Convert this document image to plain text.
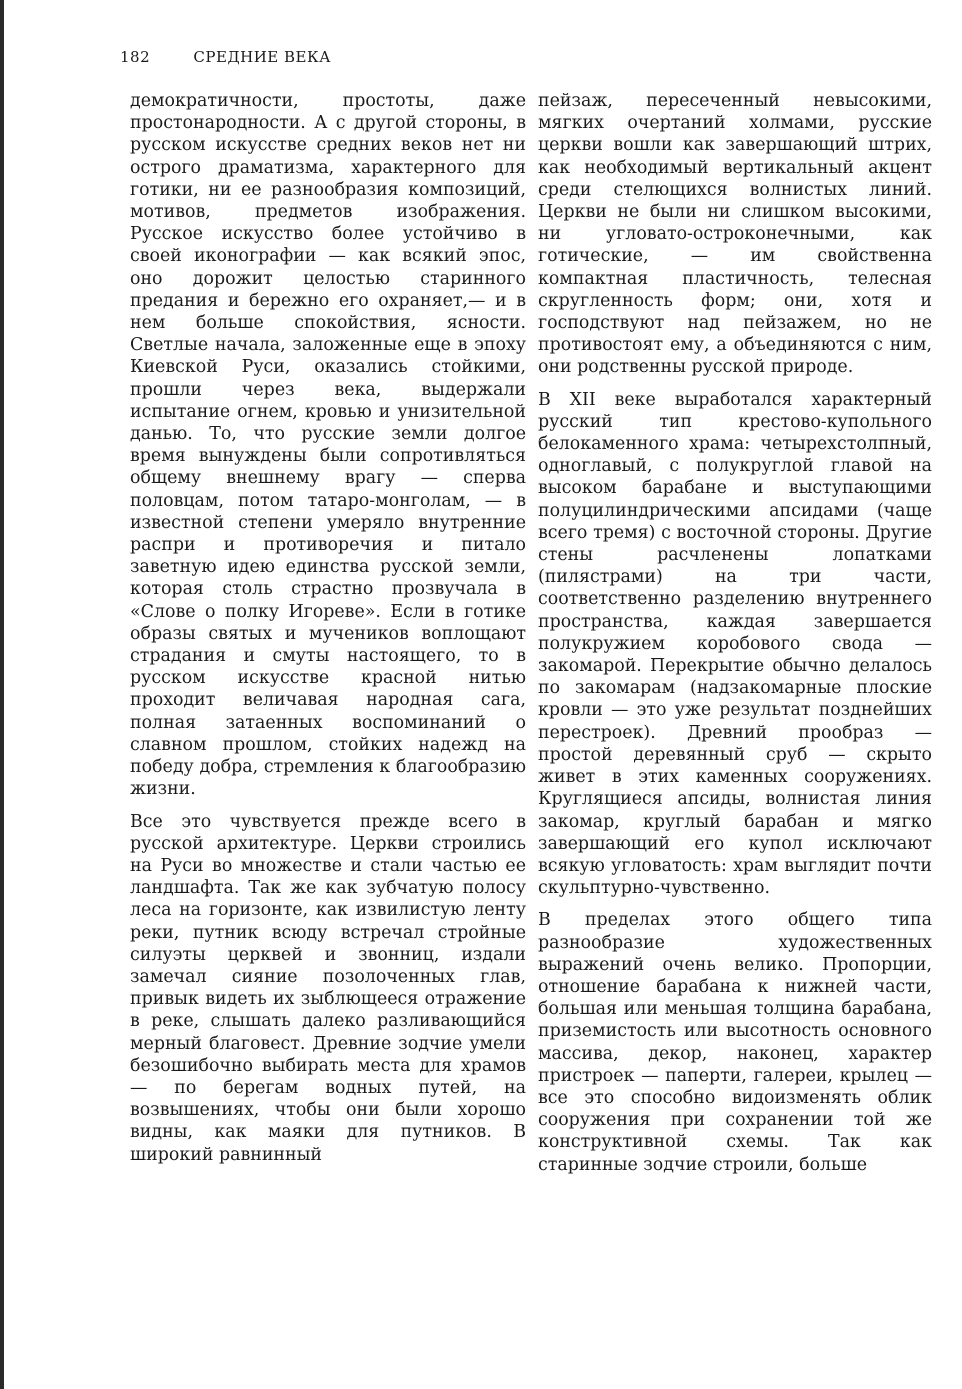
182	СРЕДНИЕ ВЕКА

демократичности, простоты, даже простонародности. А с другой стороны, в русском искусстве средних веков нет ни острого драматизма, характерного для готики, ни ее разнообразия композиций, мотивов, предметов изображения. Русское искусство более устойчиво в своей иконографии — как всякий эпос, оно дорожит целостью старинного предания и бережно его охраняет,— и в нем больше спокойствия, ясности. Светлые начала, заложенные еще в эпоху Киевской Руси, оказались стойкими, прошли через века, выдержали испытание огнем, кровью и унизительной данью. То, что русские земли долгое время вынуждены были сопротивляться общему внешнему врагу — сперва половцам, потом татаро-монголам, — в известной степени умеряло внутренние распри и противоречия и питало заветную идею единства русской земли, которая столь страстно прозвучала в «Слове о полку Игореве». Если в готике образы святых и мучеников воплощают страдания и смуты настоящего, то в русском искусстве красной нитью проходит величавая народная сага, полная затаенных воспоминаний о славном прошлом, стойких надежд на победу добра, стремления к благообразию жизни.

Все это чувствуется прежде всего в русской архитектуре. Церкви строились на Руси во множестве и стали частью ее ландшафта. Так же как зубчатую полосу леса на горизонте, как извилистую ленту реки, путник всюду встречал стройные силуэты церквей и звонниц, издали замечал сияние позолоченных глав, привык видеть их зыблющееся отражение в реке, слышать далеко разливающийся мерный благовест. Древние зодчие умели безошибочно выбирать места для храмов — по берегам водных путей, на возвышениях, чтобы они были хорошо видны, как маяки для путников. В широкий равнинный

пейзаж, пересеченный невысокими, мягких очертаний холмами, русские церкви вошли как завершающий штрих, как необходимый вертикальный акцент среди стелющихся волнистых линий. Церкви не были ни слишком высокими, ни угловато-остроконечными, как готические, — им свойственна компактная пластичность, телесная скругленность форм; они, хотя и господствуют над пейзажем, но не противостоят ему, а объединяются с ним, они родственны русской природе.

В XII веке выработался характерный русский тип крестово-купольного белокаменного храма: четырехстолпный, одноглавый, с полукруглой главой на высоком барабане и выступающими полуцилиндрическими апсидами (чаще всего тремя) с восточной стороны. Другие стены расчленены лопатками (пилястрами) на три части, соответственно разделению внутреннего пространства, каждая завершается полукружием коробового свода — закомарой. Перекрытие обычно делалось по закомарам (надзакомарные плоские кровли — это уже результат позднейших перестроек). Древний прообраз — простой деревянный сруб — скрыто живет в этих каменных сооружениях. Круглящиеся апсиды, волнистая линия закомар, круглый барабан и мягко завершающий его купол исключают всякую угловатость: храм выглядит почти скульптурно-чувственно.

В пределах этого общего типа разнообразие художественных выражений очень велико. Пропорции, отношение барабана к нижней части, большая или меньшая толщина барабана, приземистость или высотность основного массива, декор, наконец, характер пристроек — паперти, галереи, крылец — все это способно видоизменять облик сооружения при сохранении той же конструктивной схемы. Так как старинные зодчие строили, больше
